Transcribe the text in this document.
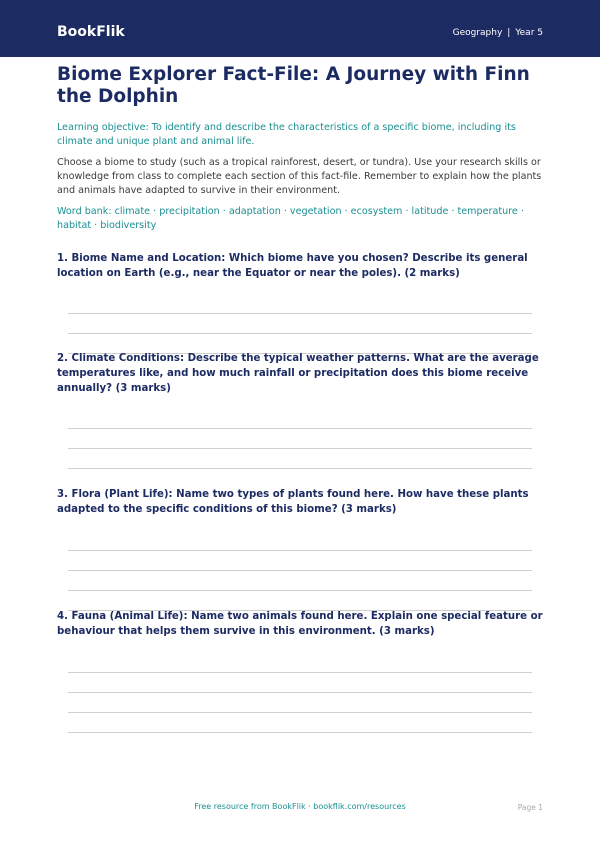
BookFlik	Geography | Year 5
Biome Explorer Fact-File: A Journey with Finn the Dolphin

Learning objective: To identify and describe the characteristics of a specific biome, including its climate and unique plant and animal life.

Choose a biome to study (such as a tropical rainforest, desert, or tundra). Use your research skills or knowledge from class to complete each section of this fact-file. Remember to explain how the plants and animals have adapted to survive in their environment.

Word bank: climate · precipitation · adaptation · vegetation · ecosystem · latitude · temperature · habitat · biodiversity

1. Biome Name and Location: Which biome have you chosen? Describe its general location on Earth (e.g., near the Equator or near the poles). (2 marks)

2. Climate Conditions: Describe the typical weather patterns. What are the average temperatures like, and how much rainfall or precipitation does this biome receive annually? (3 marks)

3. Flora (Plant Life): Name two types of plants found here. How have these plants adapted to the specific conditions of this biome? (3 marks)

4. Fauna (Animal Life): Name two animals found here. Explain one special feature or behaviour that helps them survive in this environment. (3 marks)

Free resource from BookFlik · bookflik.com/resources	Page 1
